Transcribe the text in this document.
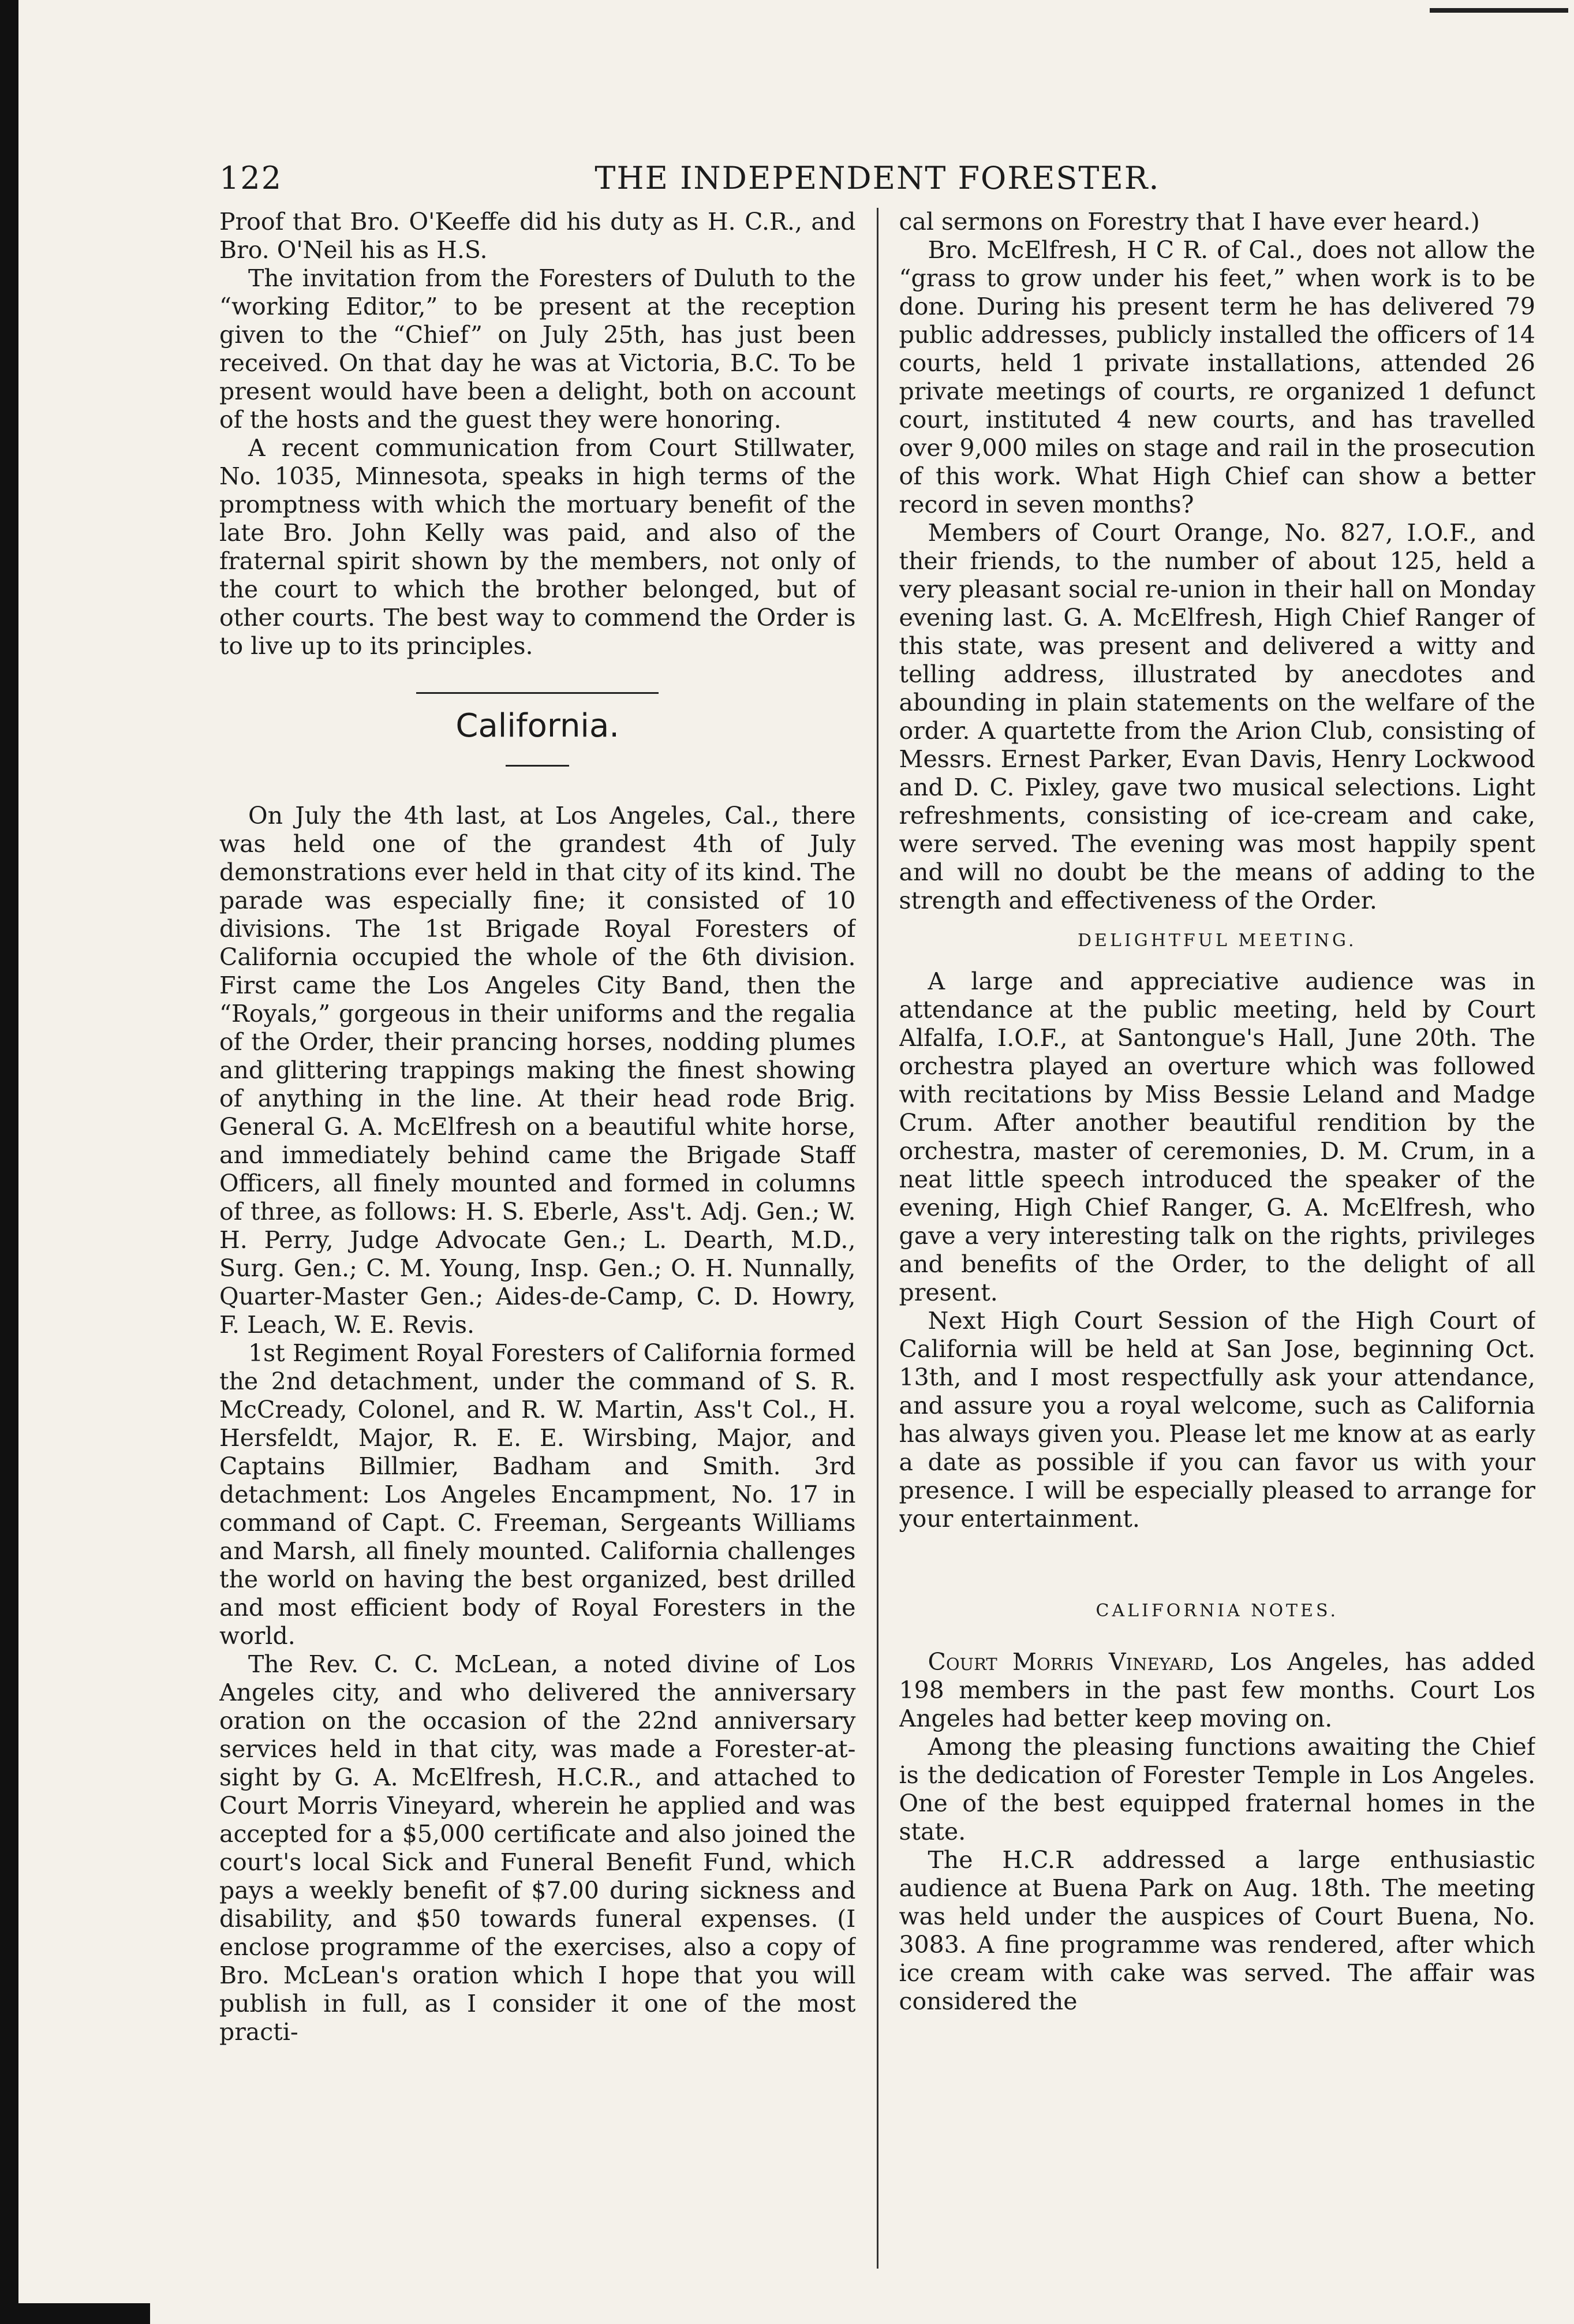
122	THE INDEPENDENT FORESTER.

Proof that Bro. O'Keeffe did his duty as H. C.R., and Bro. O'Neil his as H.S.

The invitation from the Foresters of Duluth to the “working Editor,” to be present at the reception given to the “Chief” on July 25th, has just been received. On that day he was at Victoria, B.C. To be present would have been a delight, both on account of the hosts and the guest they were honoring.

A recent communication from Court Stillwater, No. 1035, Minnesota, speaks in high terms of the promptness with which the mortuary benefit of the late Bro. John Kelly was paid, and also of the fraternal spirit shown by the members, not only of the court to which the brother belonged, but of other courts. The best way to commend the Order is to live up to its principles.

California.

On July the 4th last, at Los Angeles, Cal., there was held one of the grandest 4th of July demonstrations ever held in that city of its kind. The parade was especially fine; it consisted of 10 divisions. The 1st Brigade Royal Foresters of California occupied the whole of the 6th division. First came the Los Angeles City Band, then the “Royals,” gorgeous in their uniforms and the regalia of the Order, their prancing horses, nodding plumes and glittering trappings making the finest showing of anything in the line. At their head rode Brig. General G. A. McElfresh on a beautiful white horse, and immediately behind came the Brigade Staff Officers, all finely mounted and formed in columns of three, as follows: H. S. Eberle, Ass't. Adj. Gen.; W. H. Perry, Judge Advocate Gen.; L. Dearth, M.D., Surg. Gen.; C. M. Young, Insp. Gen.; O. H. Nunnally, Quarter-Master Gen.; Aides-de-Camp, C. D. Howry, F. Leach, W. E. Revis.

1st Regiment Royal Foresters of California formed the 2nd detachment, under the command of S. R. McCready, Colonel, and R. W. Martin, Ass't Col., H. Hersfeldt, Major, R. E. E. Wirsbing, Major, and Captains Billmier, Badham and Smith. 3rd detachment: Los Angeles Encampment, No. 17 in command of Capt. C. Freeman, Sergeants Williams and Marsh, all finely mounted. California challenges the world on having the best organized, best drilled and most efficient body of Royal Foresters in the world.

The Rev. C. C. McLean, a noted divine of Los Angeles city, and who delivered the anniversary oration on the occasion of the 22nd anniversary services held in that city, was made a Forester-at-sight by G. A. McElfresh, H.C.R., and attached to Court Morris Vineyard, wherein he applied and was accepted for a $5,000 certificate and also joined the court's local Sick and Funeral Benefit Fund, which pays a weekly benefit of $7.00 during sickness and disability, and $50 towards funeral expenses. (I enclose programme of the exercises, also a copy of Bro. McLean's oration which I hope that you will publish in full, as I consider it one of the most practi-

cal sermons on Forestry that I have ever heard.)

Bro. McElfresh, H C R. of Cal., does not allow the “grass to grow under his feet,” when work is to be done. During his present term he has delivered 79 public addresses, publicly installed the officers of 14 courts, held 1 private installations, attended 26 private meetings of courts, re organized 1 defunct court, instituted 4 new courts, and has travelled over 9,000 miles on stage and rail in the prosecution of this work. What High Chief can show a better record in seven months?

Members of Court Orange, No. 827, I.O.F., and their friends, to the number of about 125, held a very pleasant social re-union in their hall on Monday evening last. G. A. McElfresh, High Chief Ranger of this state, was present and delivered a witty and telling address, illustrated by anecdotes and abounding in plain statements on the welfare of the order. A quartette from the Arion Club, consisting of Messrs. Ernest Parker, Evan Davis, Henry Lockwood and D. C. Pixley, gave two musical selections. Light refreshments, consisting of ice-cream and cake, were served. The evening was most happily spent and will no doubt be the means of adding to the strength and effectiveness of the Order.

DELIGHTFUL MEETING.

A large and appreciative audience was in attendance at the public meeting, held by Court Alfalfa, I.O.F., at Santongue's Hall, June 20th. The orchestra played an overture which was followed with recitations by Miss Bessie Leland and Madge Crum. After another beautiful rendition by the orchestra, master of ceremonies, D. M. Crum, in a neat little speech introduced the speaker of the evening, High Chief Ranger, G. A. McElfresh, who gave a very interesting talk on the rights, privileges and benefits of the Order, to the delight of all present.

Next High Court Session of the High Court of California will be held at San Jose, beginning Oct. 13th, and I most respectfully ask your attendance, and assure you a royal welcome, such as California has always given you. Please let me know at as early a date as possible if you can favor us with your presence. I will be especially pleased to arrange for your entertainment.

CALIFORNIA NOTES.

Court Morris Vineyard, Los Angeles, has added 198 members in the past few months. Court Los Angeles had better keep moving on.

Among the pleasing functions awaiting the Chief is the dedication of Forester Temple in Los Angeles. One of the best equipped fraternal homes in the state.

The H.C.R addressed a large enthusiastic audience at Buena Park on Aug. 18th. The meeting was held under the auspices of Court Buena, No. 3083. A fine programme was rendered, after which ice cream with cake was served. The affair was considered the
